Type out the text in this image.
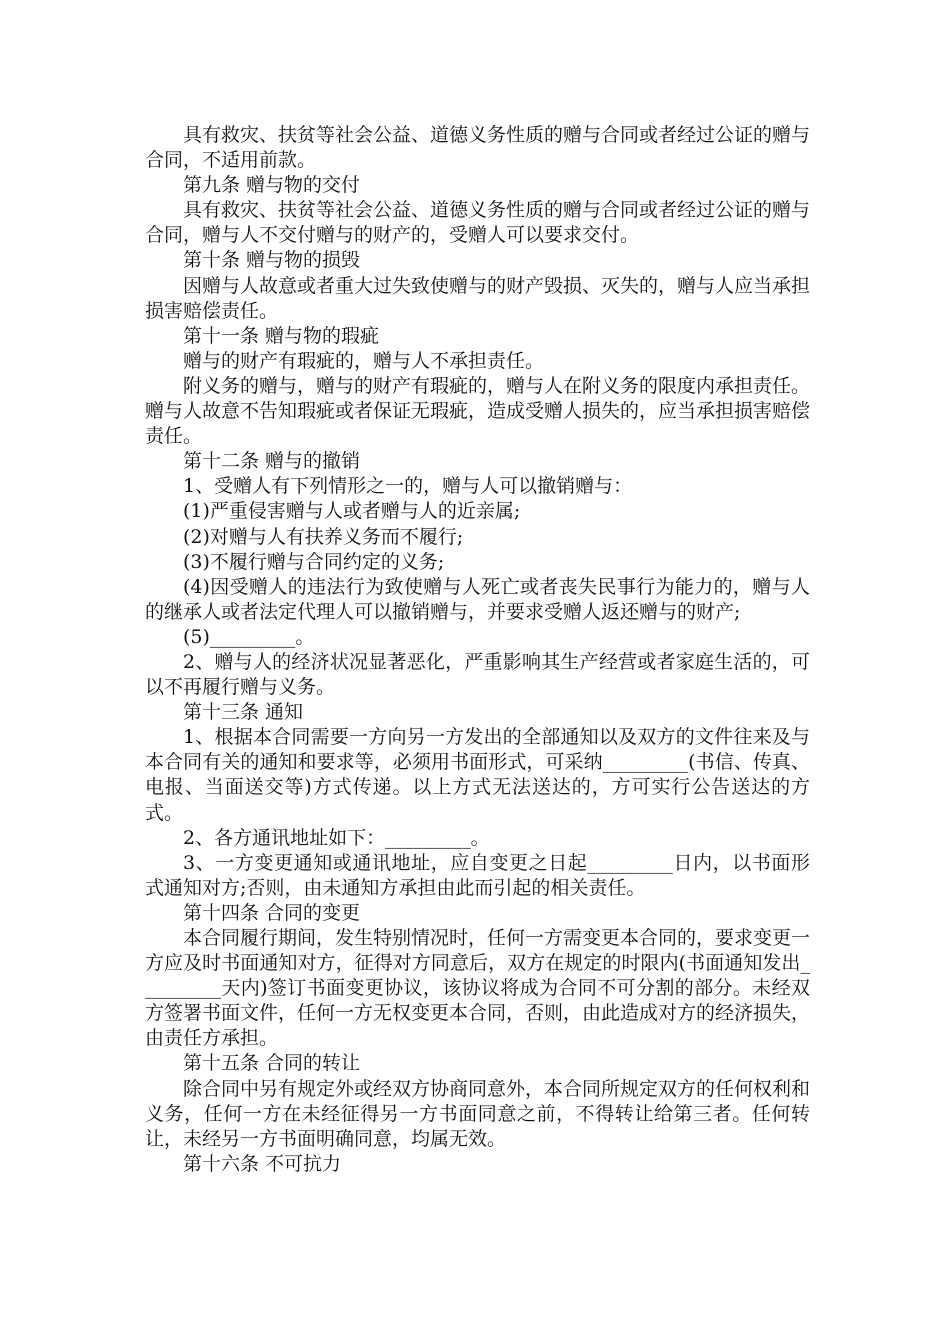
具有救灾、扶贫等社会公益、道德义务性质的赠与合同或者经过公证的赠与合同，不适用前款。

第九条 赠与物的交付

具有救灾、扶贫等社会公益、道德义务性质的赠与合同或者经过公证的赠与合同，赠与人不交付赠与的财产的，受赠人可以要求交付。

第十条 赠与物的损毁

因赠与人故意或者重大过失致使赠与的财产毁损、灭失的，赠与人应当承担损害赔偿责任。

第十一条 赠与物的瑕疵

赠与的财产有瑕疵的，赠与人不承担责任。

附义务的赠与，赠与的财产有瑕疵的，赠与人在附义务的限度内承担责任。赠与人故意不告知瑕疵或者保证无瑕疵，造成受赠人损失的，应当承担损害赔偿责任。

第十二条 赠与的撤销

1、受赠人有下列情形之一的，赠与人可以撤销赠与：

(1)严重侵害赠与人或者赠与人的近亲属;

(2)对赠与人有扶养义务而不履行;

(3)不履行赠与合同约定的义务;

(4)因受赠人的违法行为致使赠与人死亡或者丧失民事行为能力的，赠与人的继承人或者法定代理人可以撤销赠与，并要求受赠人返还赠与的财产;

(5)_________。

2、赠与人的经济状况显著恶化，严重影响其生产经营或者家庭生活的，可以不再履行赠与义务。

第十三条 通知

1、根据本合同需要一方向另一方发出的全部通知以及双方的文件往来及与本合同有关的通知和要求等，必须用书面形式，可采纳_________(书信、传真、电报、当面送交等)方式传递。以上方式无法送达的，方可实行公告送达的方式。

2、各方通讯地址如下：_________。

3、一方变更通知或通讯地址，应自变更之日起_________日内，以书面形式通知对方;否则，由未通知方承担由此而引起的相关责任。

第十四条 合同的变更

本合同履行期间，发生特别情况时，任何一方需变更本合同的，要求变更一方应及时书面通知对方，征得对方同意后，双方在规定的时限内(书面通知发出_________天内)签订书面变更协议，该协议将成为合同不可分割的部分。未经双方签署书面文件，任何一方无权变更本合同，否则，由此造成对方的经济损失，由责任方承担。

第十五条 合同的转让

除合同中另有规定外或经双方协商同意外，本合同所规定双方的任何权利和义务，任何一方在未经征得另一方书面同意之前，不得转让给第三者。任何转让，未经另一方书面明确同意，均属无效。

第十六条 不可抗力
